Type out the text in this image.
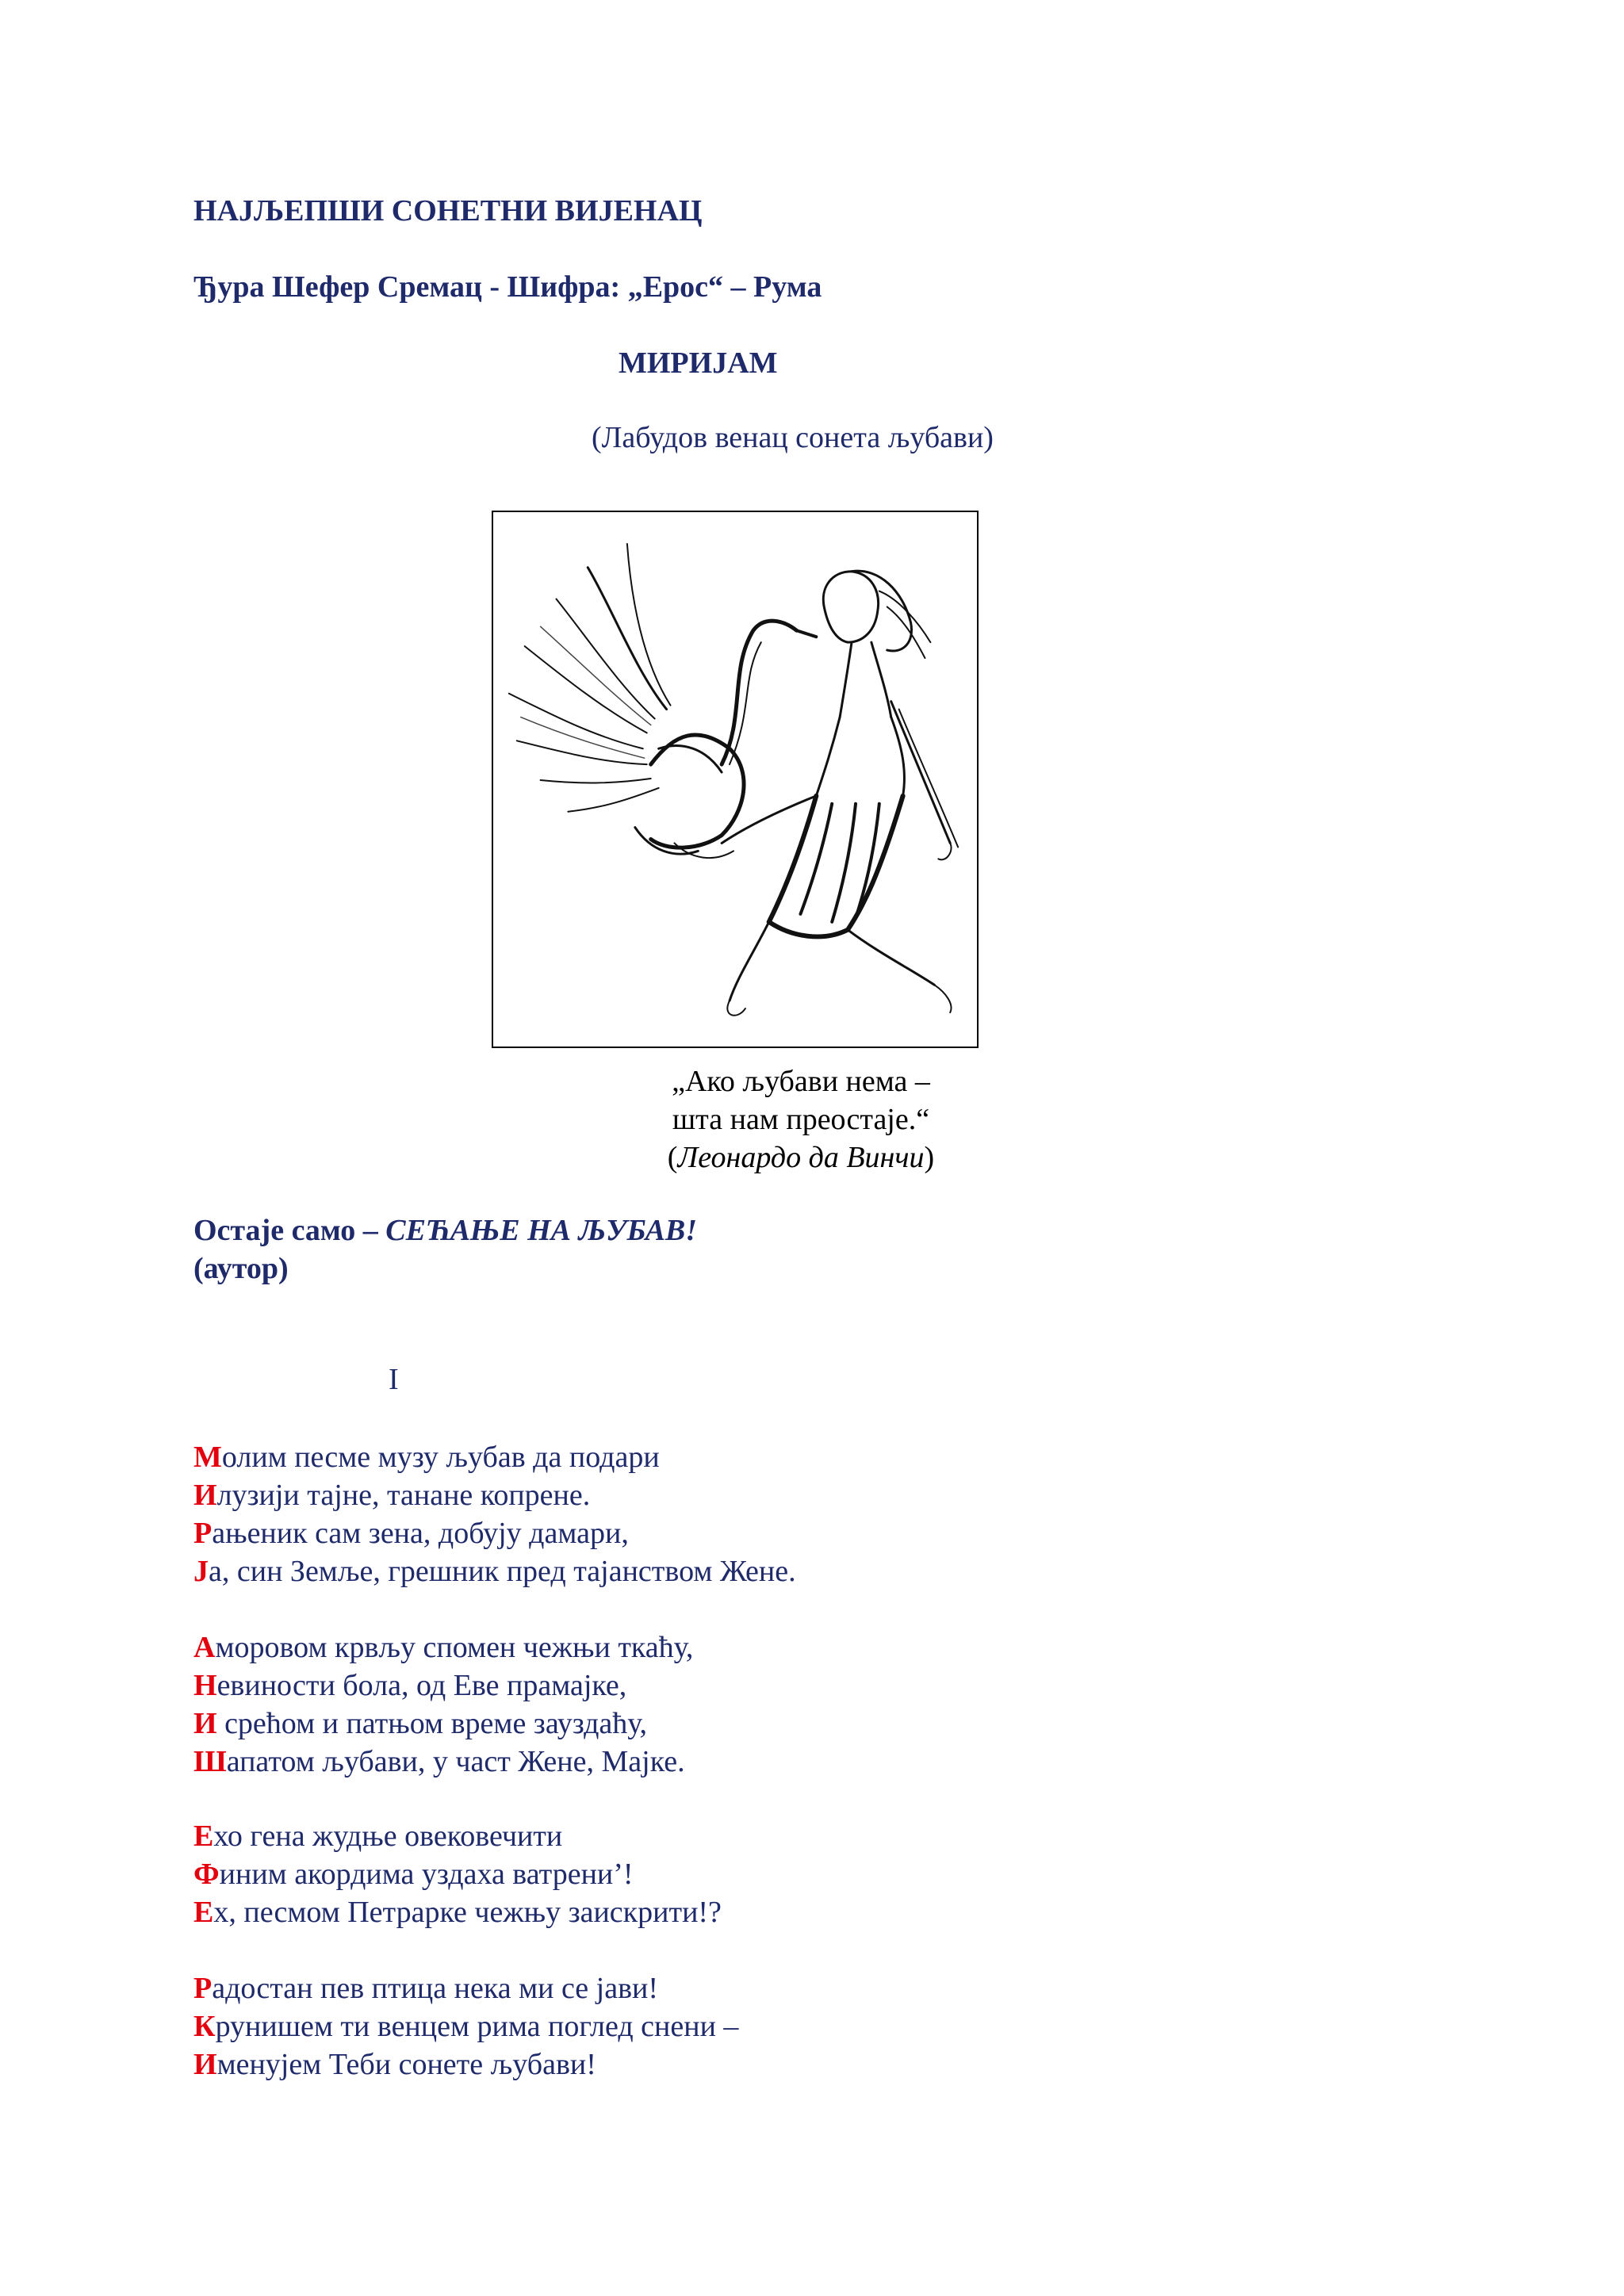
НАЈЉЕПШИ СОНЕТНИ ВИЈЕНАЦ
Ђура Шефер Сремац - Шифра: „Ерос“ – Рума
МИРИЈАМ
(Лабудов венац сонета љубави)
„Ако љубави нема –
шта нам преостаје.“
(Леонардо да Винчи)
Остаје само – СЕЋАЊЕ НА ЉУБАВ!
(аутор)
I
Молим песме музу љубав да подари
Илузији тајне, танане копрене.
Рањеник сам зена, добују дамари,
Ја, син Земље, грешник пред тајанством Жене.
Аморовом крвљу спомен чежњи ткаћу,
Невиности бола, од Еве прамајке,
И срећом и патњом време зауздаћу,
Шапатом љубави, у част Жене, Мајке.
Ехо гена жудње овековечити
Финим акордима уздаха ватрени’!
Ех, песмом Петрарке чежњу заискрити!?
Радостан пев птица нека ми се јави!
Крунишем ти венцем рима поглед снени –
Именујем Теби сонете љубави!
